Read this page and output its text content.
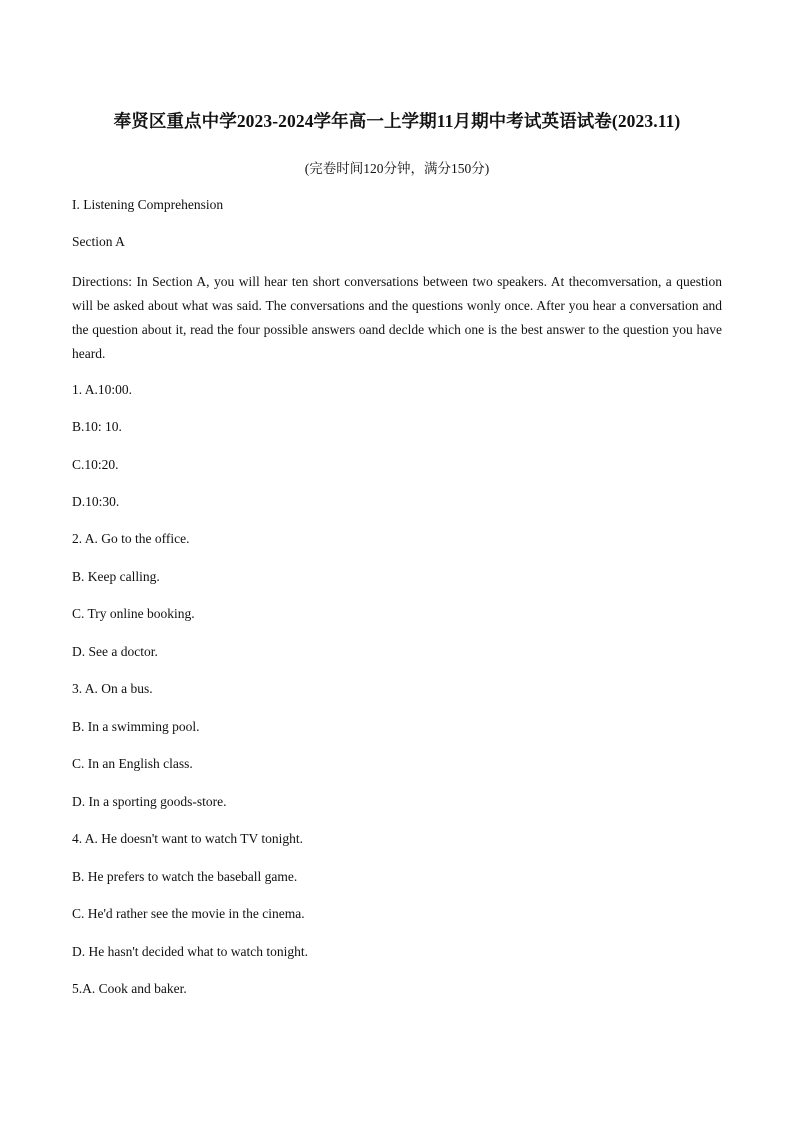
奉贤区重点中学2023-2024学年高一上学期11月期中考试英语试卷(2023.11)
(完卷时间120分钟，满分150分)
I. Listening Comprehension
Section A
Directions: In Section A, you will hear ten short conversations between two speakers. At thecomversation, a question will be asked about what was said. The conversations and the questions wonly once. After you hear a conversation and the question about it, read the four possible answers oand declde which one is the best answer to the question you have heard.
1. A.10:00.
B.10: 10.
C.10:20.
D.10:30.
2. A. Go to the office.
B. Keep calling.
C. Try online booking.
D. See a doctor.
3. A. On a bus.
B. In a swimming pool.
C. In an English class.
D. In a sporting goods-store.
4. A. He doesn't want to watch TV tonight.
B. He prefers to watch the baseball game.
C. He'd rather see the movie in the cinema.
D. He hasn't decided what to watch tonight.
5.A. Cook and baker.
